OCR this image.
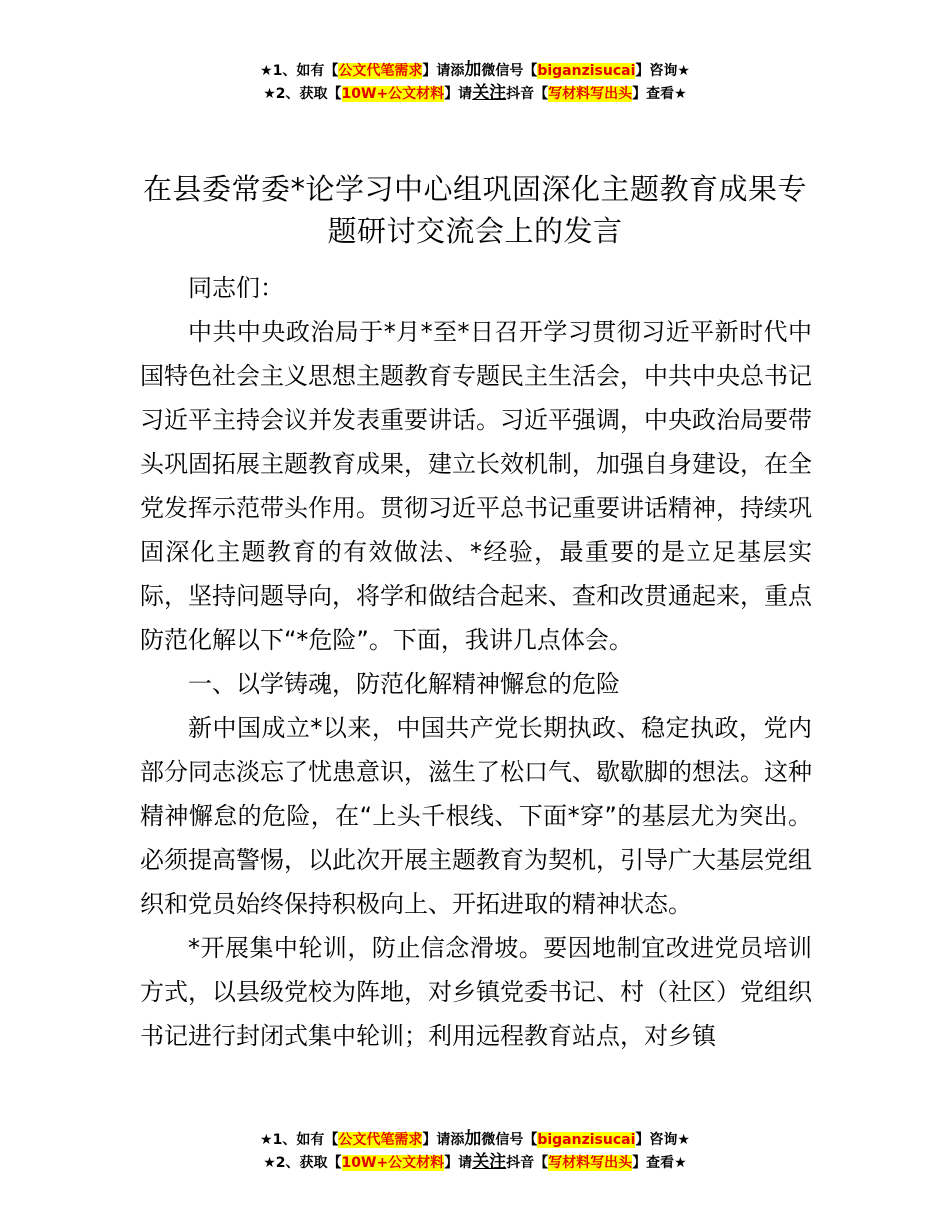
★1、如有【公文代笔需求】请添加微信号【biganzisucai】咨询★
★2、获取【10W+公文材料】请关注抖音【写材料写出头】查看★
在县委常委*论学习中心组巩固深化主题教育成果专题研讨交流会上的发言

同志们：

中共中央政治局于*月*至*日召开学习贯彻习近平新时代中国特色社会主义思想主题教育专题民主生活会，中共中央总书记习近平主持会议并发表重要讲话。习近平强调，中央政治局要带头巩固拓展主题教育成果，建立长效机制，加强自身建设，在全党发挥示范带头作用。贯彻习近平总书记重要讲话精神，持续巩固深化主题教育的有效做法、*经验，最重要的是立足基层实际，坚持问题导向，将学和做结合起来、查和改贯通起来，重点防范化解以下“*危险”。下面，我讲几点体会。

一、以学铸魂，防范化解精神懈怠的危险

新中国成立*以来，中国共产党长期执政、稳定执政，党内部分同志淡忘了忧患意识，滋生了松口气、歇歇脚的想法。这种精神懈怠的危险，在“上头千根线、下面*穿”的基层尤为突出。必须提高警惕，以此次开展主题教育为契机，引导广大基层党组织和党员始终保持积极向上、开拓进取的精神状态。

*开展集中轮训，防止信念滑坡。要因地制宜改进党员培训方式，以县级党校为阵地，对乡镇党委书记、村（社区）党组织书记进行封闭式集中轮训；利用远程教育站点，对乡镇

★1、如有【公文代笔需求】请添加微信号【biganzisucai】咨询★
★2、获取【10W+公文材料】请关注抖音【写材料写出头】查看★
